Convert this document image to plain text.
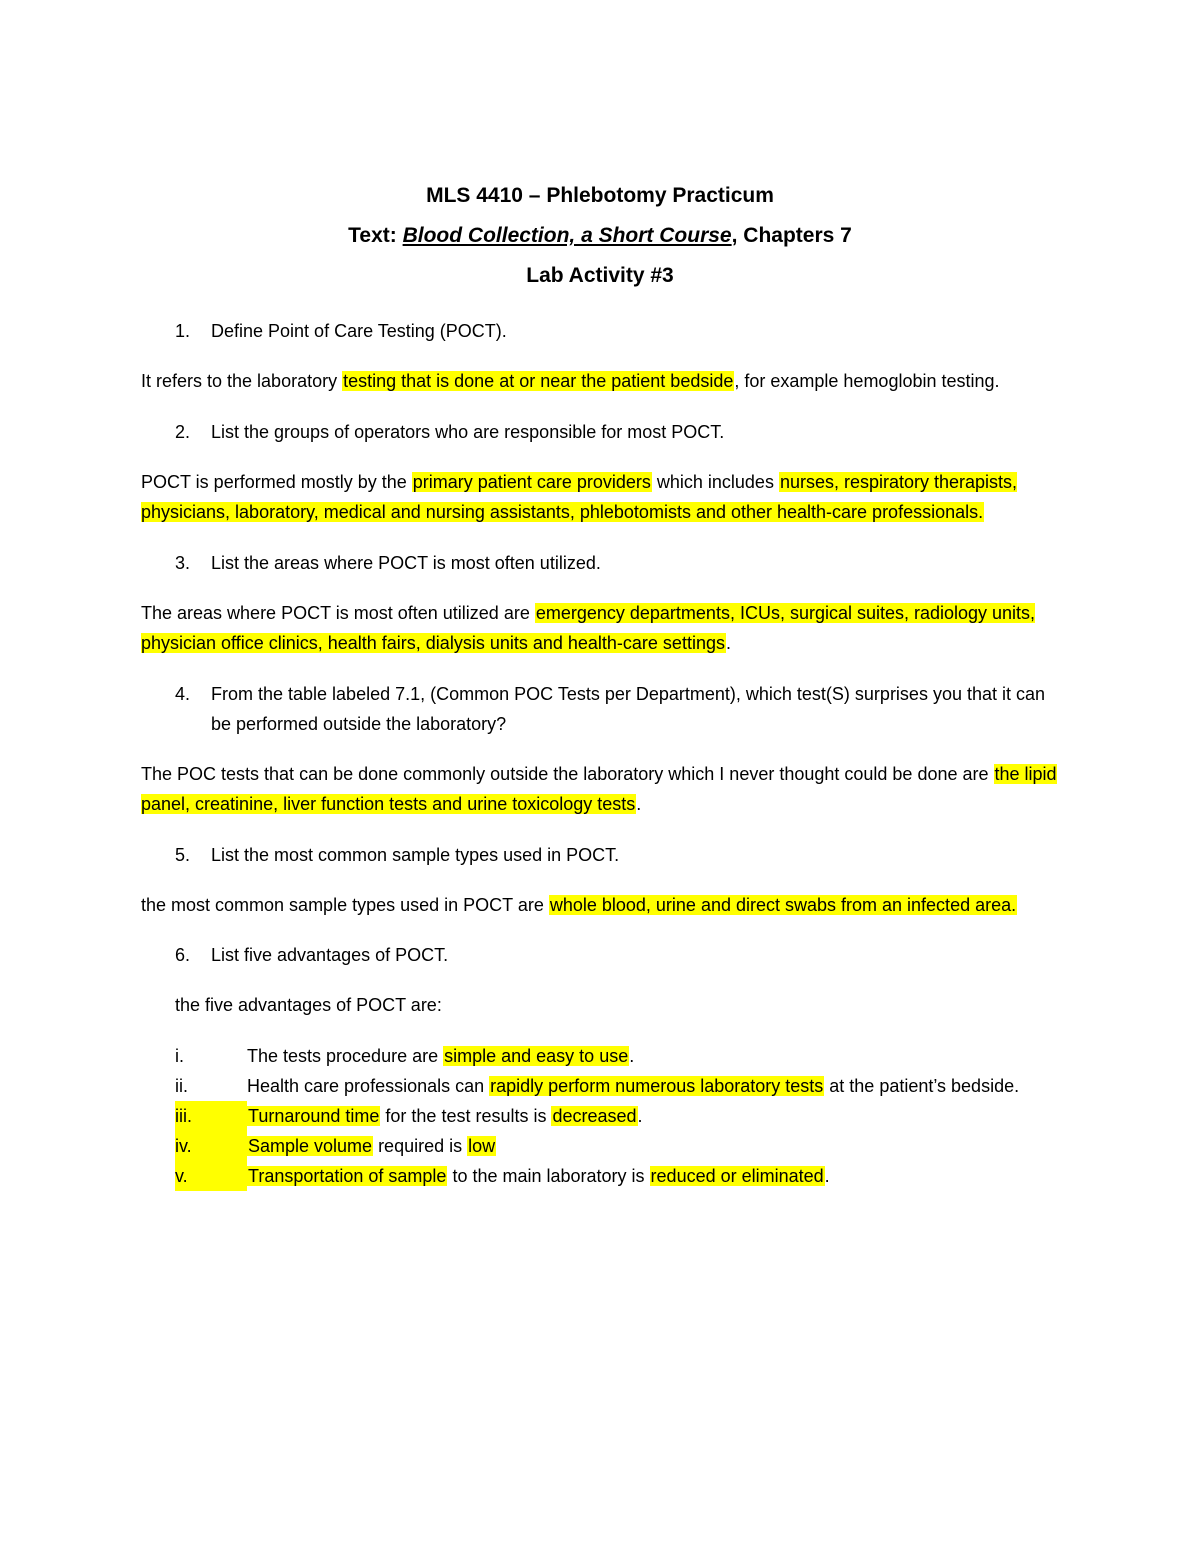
MLS 4410 – Phlebotomy Practicum
Text: Blood Collection, a Short Course, Chapters 7
Lab Activity #3
1.	Define Point of Care Testing (POCT).

It refers to the laboratory testing that is done at or near the patient bedside, for example hemoglobin testing.

2.	List the groups of operators who are responsible for most POCT.

POCT is performed mostly by the primary patient care providers which includes nurses, respiratory therapists, physicians, laboratory, medical and nursing assistants, phlebotomists and other health-care professionals.

3.	List the areas where POCT is most often utilized.

The areas where POCT is most often utilized are emergency departments, ICUs, surgical suites, radiology units, physician office clinics, health fairs, dialysis units and health-care settings.

4.	From the table labeled 7.1, (Common POC Tests per Department), which test(S) surprises you that it can be performed outside the laboratory?

The POC tests that can be done commonly outside the laboratory which I never thought could be done are the lipid panel, creatinine, liver function tests and urine toxicology tests.

5.	List the most common sample types used in POCT.

the most common sample types used in POCT are whole blood, urine and direct swabs from an infected area.

6.	List five advantages of POCT.

the five advantages of POCT are:

i.	The tests procedure are simple and easy to use.
ii.	Health care professionals can rapidly perform numerous laboratory tests at the patient’s bedside.
iii.	Turnaround time for the test results is decreased.
iv.	Sample volume required is low
v.	Transportation of sample to the main laboratory is reduced or eliminated.
